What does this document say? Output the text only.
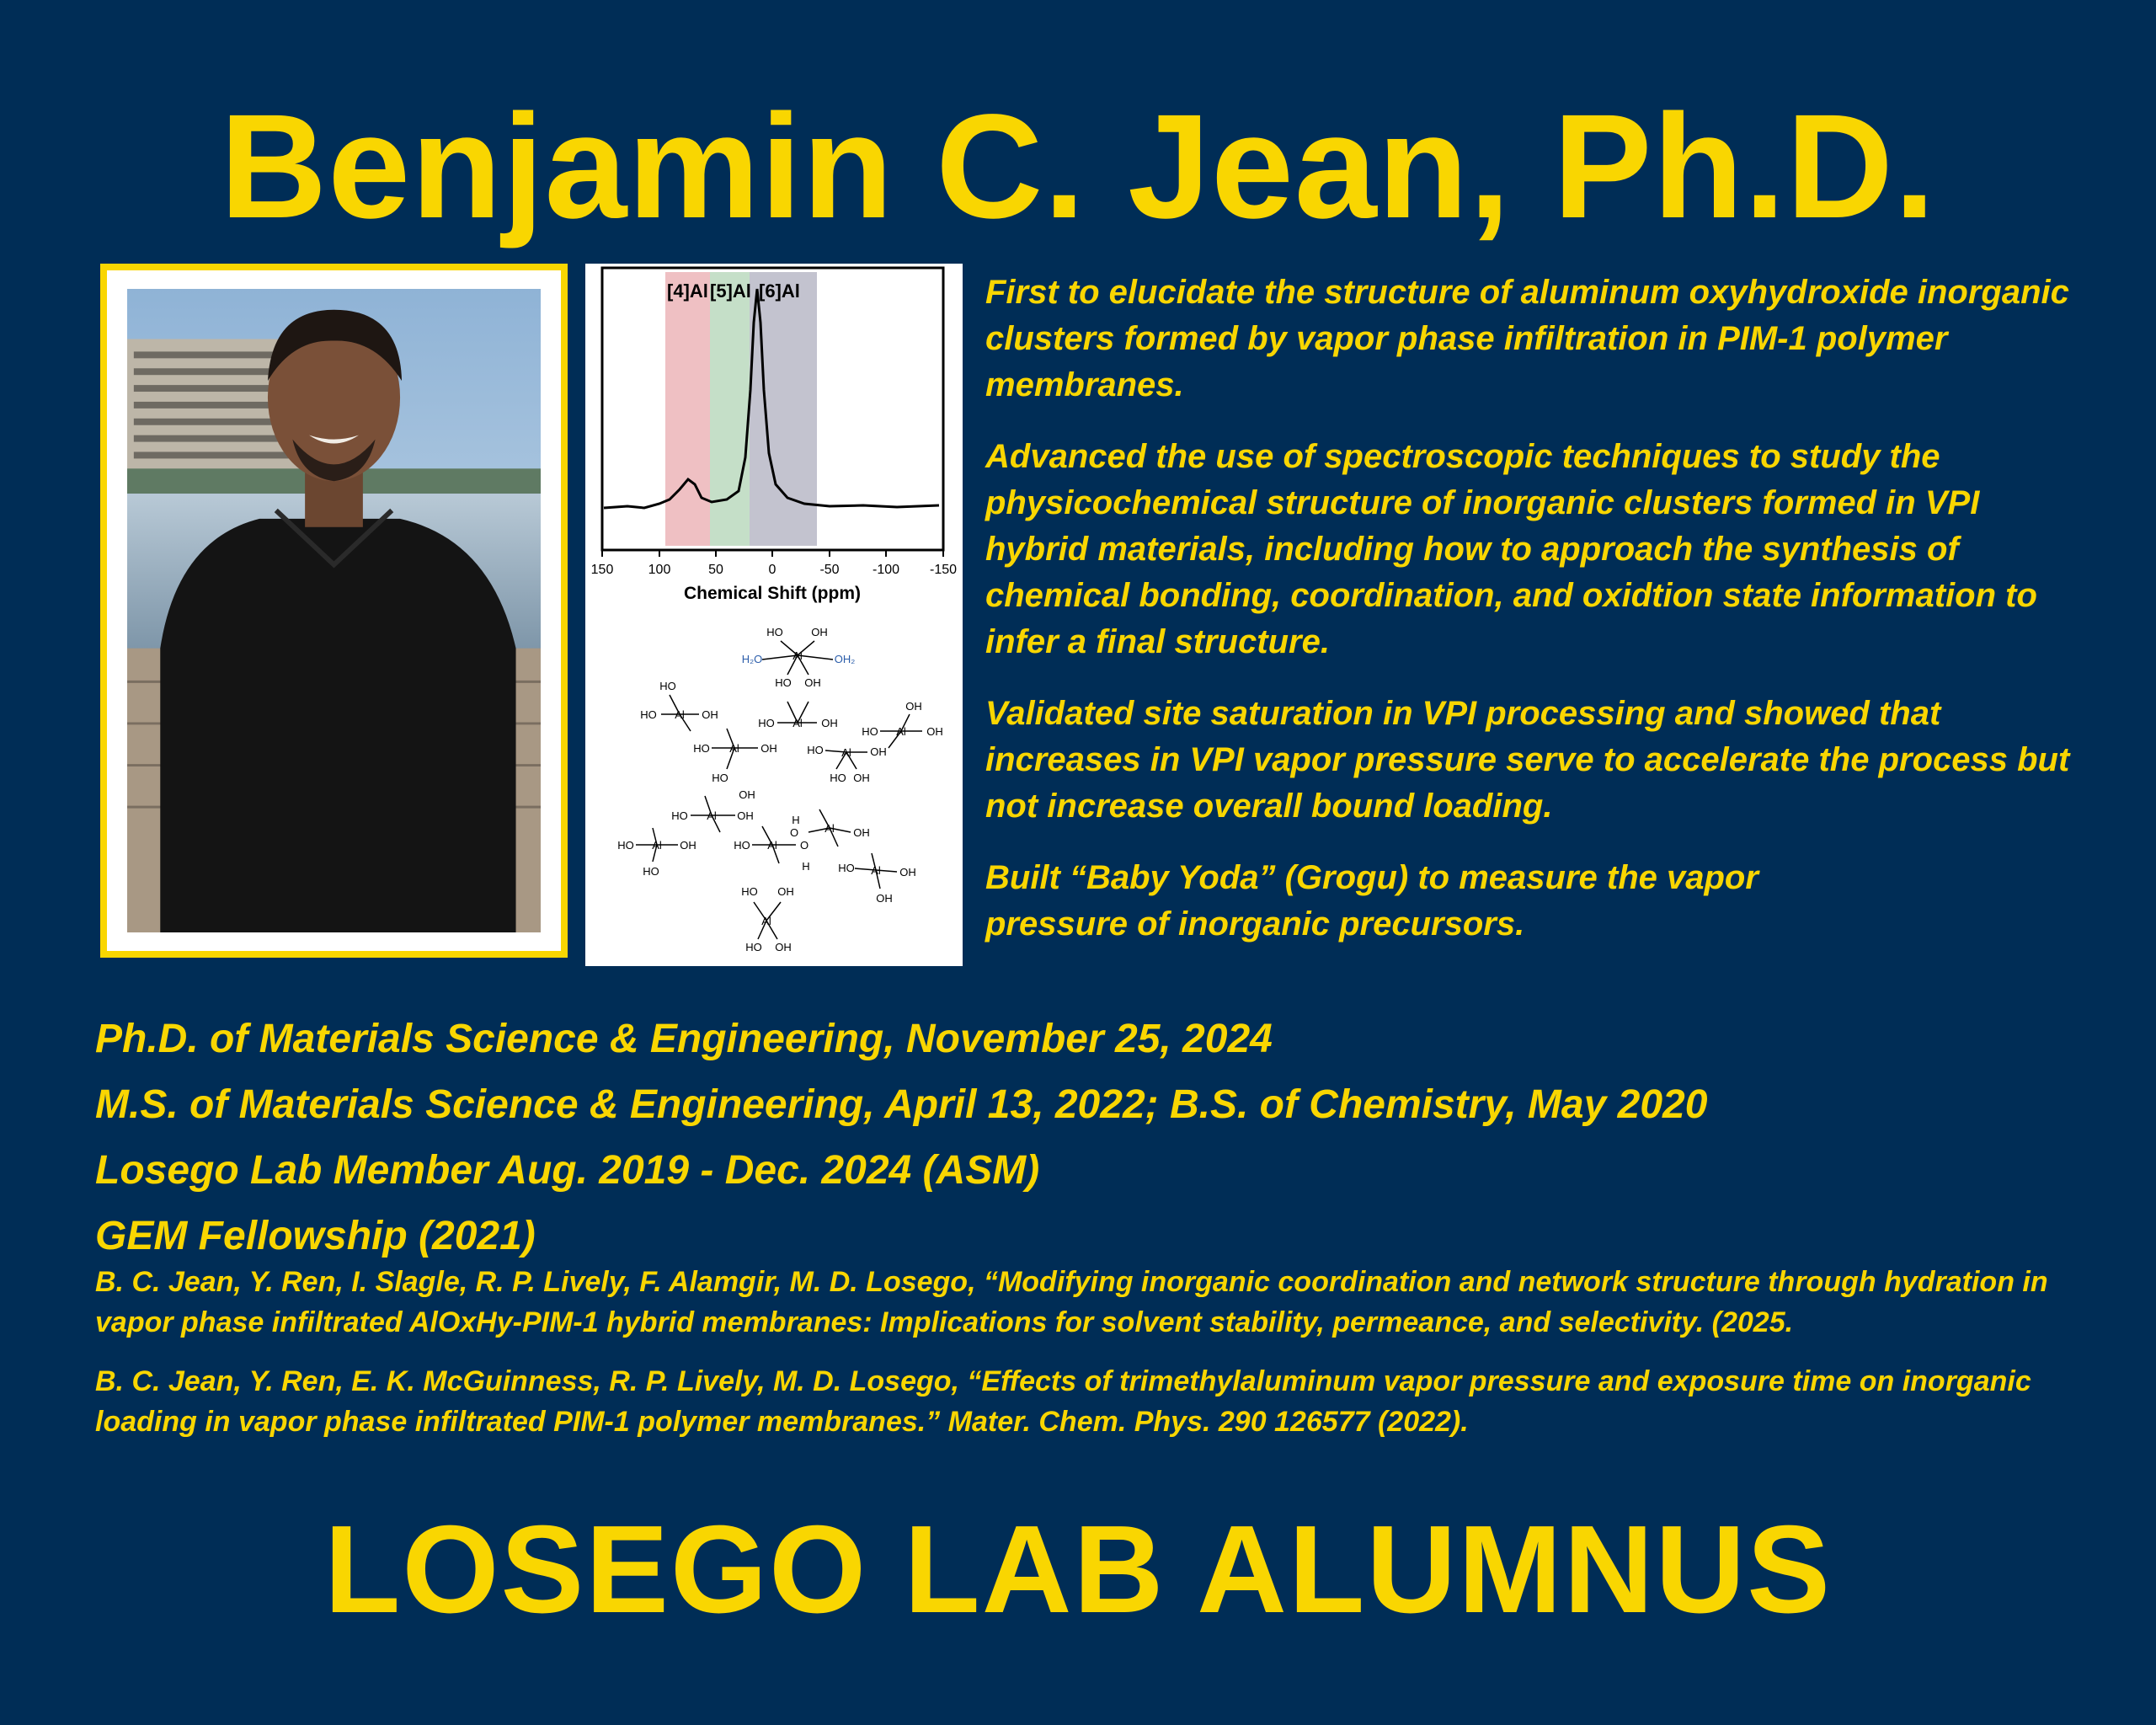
Benjamin C. Jean, Ph.D.
[4]Al [5]Al [6]Al
150	100	50	0	-50 -100 -150
Chemical Shift (ppm)
Al
HO	OH
H₂O	OH₂
HO OH
Al
HO	OH
HO
Al
HO	OH
Al
HO	OH	Al
HO	OH
Al
HO	OH
OH
HO
OH
HO OH
Al
HO	OH
Al
HO	OH
HO
Al
HO	O
H
O
H
Al OH
Al
HO	OH
OH
HO OH
Al
HO OH

First to elucidate the structure of aluminum oxyhydroxide inorganic clusters formed by vapor phase infiltration in PIM-1 polymer membranes.

Advanced the use of spectroscopic techniques to study the physicochemical structure of inorganic clusters formed in VPI hybrid materials, including how to approach the synthesis of chemical bonding, coordination, and oxidtion state information to infer a final structure.

Validated site saturation in VPI processing and showed that increases in VPI vapor pressure serve to accelerate the process but not increase overall bound loading.

Built “Baby Yoda” (Grogu) to measure the vapor pressure of inorganic precursors.

Ph.D. of Materials Science & Engineering, November 25, 2024
M.S. of Materials Science & Engineering, April 13, 2022; B.S. of Chemistry, May 2020
Losego Lab Member Aug. 2019 - Dec. 2024 (ASM)
GEM Fellowship (2021)

B. C. Jean, Y. Ren, I. Slagle, R. P. Lively, F. Alamgir, M. D. Losego, “Modifying inorganic coordination and network structure through hydration in vapor phase infiltrated AlOxHy-PIM-1 hybrid membranes: Implications for solvent stability, permeance, and selectivity. (2025.

B. C. Jean, Y. Ren, E. K. McGuinness, R. P. Lively, M. D. Losego, “Effects of trimethylaluminum vapor pressure and exposure time on inorganic loading in vapor phase infiltrated PIM-1 polymer membranes.” Mater. Chem. Phys. 290 126577 (2022).

LOSEGO LAB ALUMNUS
